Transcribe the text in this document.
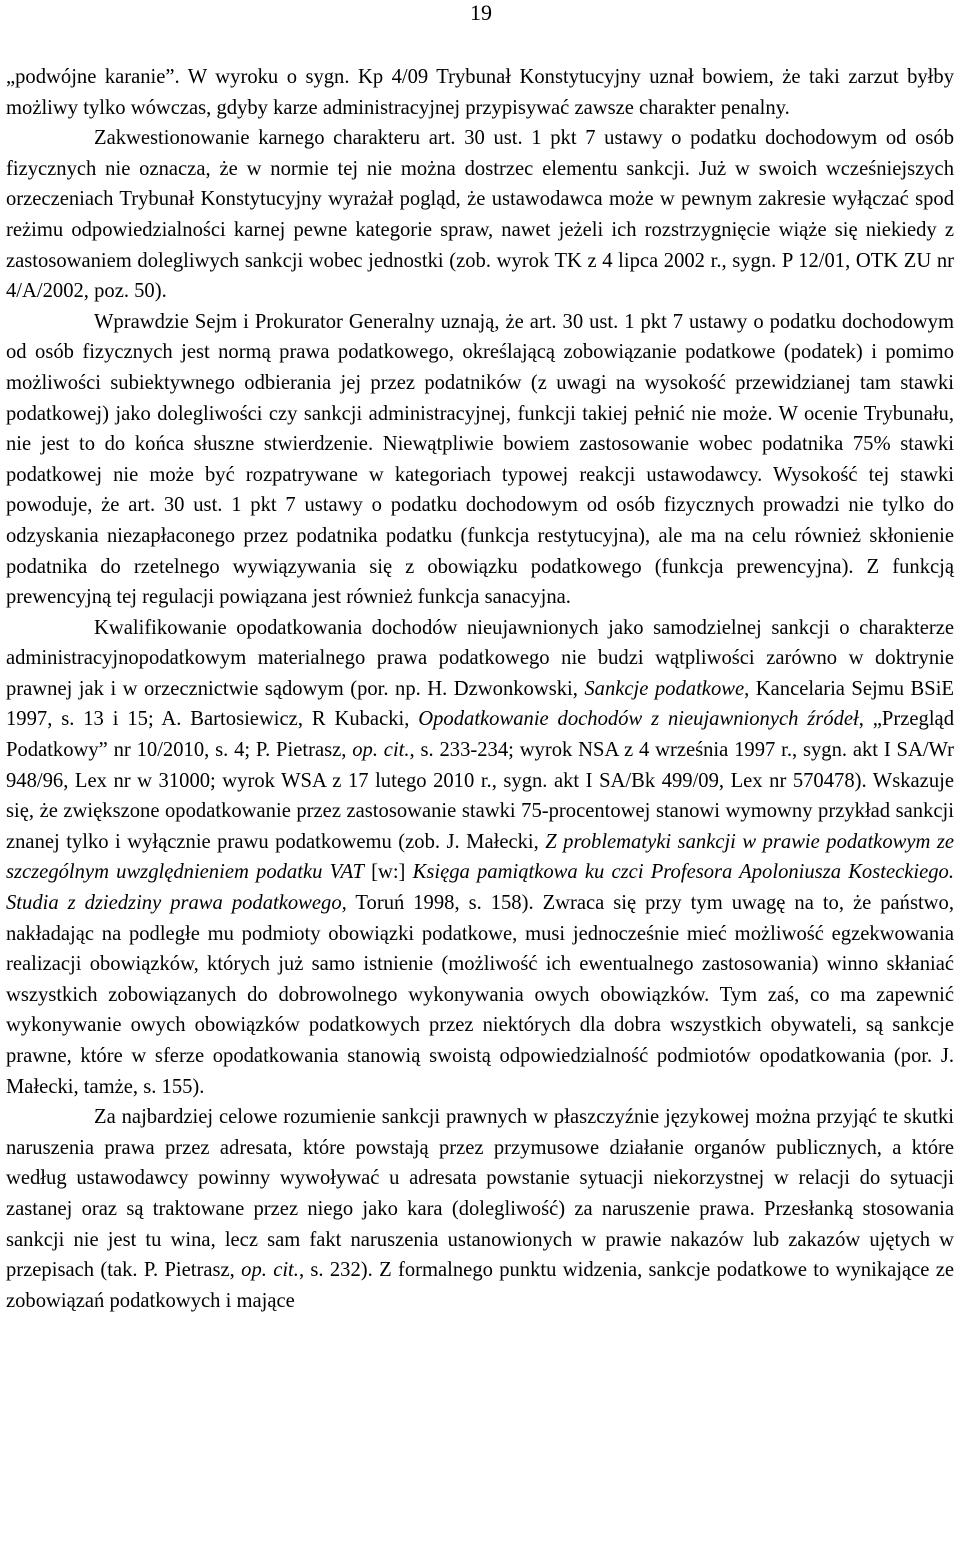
19

„podwójne karanie”. W wyroku o sygn. Kp 4/09 Trybunał Konstytucyjny uznał bowiem, że taki zarzut byłby możliwy tylko wówczas, gdyby karze administracyjnej przypisywać zawsze charakter penalny.

Zakwestionowanie karnego charakteru art. 30 ust. 1 pkt 7 ustawy o podatku dochodowym od osób fizycznych nie oznacza, że w normie tej nie można dostrzec elementu sankcji. Już w swoich wcześniejszych orzeczeniach Trybunał Konstytucyjny wyrażał pogląd, że ustawodawca może w pewnym zakresie wyłączać spod reżimu odpowiedzialności karnej pewne kategorie spraw, nawet jeżeli ich rozstrzygnięcie wiąże się niekiedy z zastosowaniem dolegliwych sankcji wobec jednostki (zob. wyrok TK z 4 lipca 2002 r., sygn. P 12/01, OTK ZU nr 4/A/2002, poz. 50).

Wprawdzie Sejm i Prokurator Generalny uznają, że art. 30 ust. 1 pkt 7 ustawy o podatku dochodowym od osób fizycznych jest normą prawa podatkowego, określającą zobowiązanie podatkowe (podatek) i pomimo możliwości subiektywnego odbierania jej przez podatników (z uwagi na wysokość przewidzianej tam stawki podatkowej) jako dolegliwości czy sankcji administracyjnej, funkcji takiej pełnić nie może. W ocenie Trybunału, nie jest to do końca słuszne stwierdzenie. Niewątpliwie bowiem zastosowanie wobec podatnika 75% stawki podatkowej nie może być rozpatrywane w kategoriach typowej reakcji ustawodawcy. Wysokość tej stawki powoduje, że art. 30 ust. 1 pkt 7 ustawy o podatku dochodowym od osób fizycznych prowadzi nie tylko do odzyskania niezapłaconego przez podatnika podatku (funkcja restytucyjna), ale ma na celu również skłonienie podatnika do rzetelnego wywiązywania się z obowiązku podatkowego (funkcja prewencyjna). Z funkcją prewencyjną tej regulacji powiązana jest również funkcja sanacyjna.

Kwalifikowanie opodatkowania dochodów nieujawnionych jako samodzielnej sankcji o charakterze administracyjnopodatkowym materialnego prawa podatkowego nie budzi wątpliwości zarówno w doktrynie prawnej jak i w orzecznictwie sądowym (por. np. H. Dzwonkowski, Sankcje podatkowe, Kancelaria Sejmu BSiE 1997, s. 13 i 15; A. Bartosiewicz, R Kubacki, Opodatkowanie dochodów z nieujawnionych źródeł, „Przegląd Podatkowy” nr 10/2010, s. 4; P. Pietrasz, op. cit., s. 233-234; wyrok NSA z 4 września 1997 r., sygn. akt I SA/Wr 948/96, Lex nr w 31000; wyrok WSA z 17 lutego 2010 r., sygn. akt I SA/Bk 499/09, Lex nr 570478). Wskazuje się, że zwiększone opodatkowanie przez zastosowanie stawki 75-procentowej stanowi wymowny przykład sankcji znanej tylko i wyłącznie prawu podatkowemu (zob. J. Małecki, Z problematyki sankcji w prawie podatkowym ze szczególnym uwzględnieniem podatku VAT [w:] Księga pamiątkowa ku czci Profesora Apoloniusza Kosteckiego. Studia z dziedziny prawa podatkowego, Toruń 1998, s. 158). Zwraca się przy tym uwagę na to, że państwo, nakładając na podległe mu podmioty obowiązki podatkowe, musi jednocześnie mieć możliwość egzekwowania realizacji obowiązków, których już samo istnienie (możliwość ich ewentualnego zastosowania) winno skłaniać wszystkich zobowiązanych do dobrowolnego wykonywania owych obowiązków. Tym zaś, co ma zapewnić wykonywanie owych obowiązków podatkowych przez niektórych dla dobra wszystkich obywateli, są sankcje prawne, które w sferze opodatkowania stanowią swoistą odpowiedzialność podmiotów opodatkowania (por. J. Małecki, tamże, s. 155).

Za najbardziej celowe rozumienie sankcji prawnych w płaszczyźnie językowej można przyjąć te skutki naruszenia prawa przez adresata, które powstają przez przymusowe działanie organów publicznych, a które według ustawodawcy powinny wywoływać u adresata powstanie sytuacji niekorzystnej w relacji do sytuacji zastanej oraz są traktowane przez niego jako kara (dolegliwość) za naruszenie prawa. Przesłanką stosowania sankcji nie jest tu wina, lecz sam fakt naruszenia ustanowionych w prawie nakazów lub zakazów ujętych w przepisach (tak. P. Pietrasz, op. cit., s. 232). Z formalnego punktu widzenia, sankcje podatkowe to wynikające ze zobowiązań podatkowych i mające
